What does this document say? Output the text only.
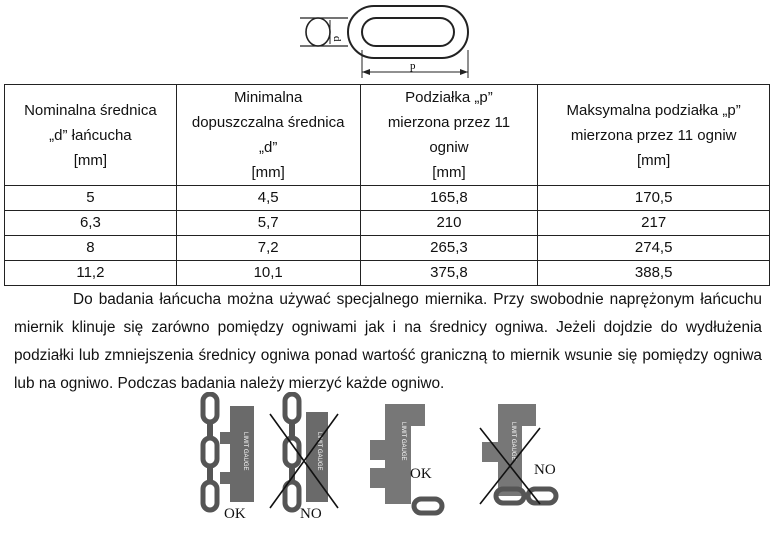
d
p
Nominalna średnica
„d” łańcucha
[mm]	Minimalna
dopuszczalna średnica
„d”
[mm]	Podziałka „p”
mierzona przez 11
ogniw
[mm]	Maksymalna podziałka „p”
mierzona przez 11 ogniw
[mm]
5	4,5	165,8	170,5
6,3	5,7	210	217
8	7,2	265,3	274,5
11,2	10,1	375,8	388,5

Do badania łańcucha można używać specjalnego miernika. Przy swobodnie naprężonym łańcuchu miernik klinuje się zarówno pomiędzy ogniwami jak i na średnicy ogniwa. Jeżeli dojdzie do wydłużenia podziałki lub zmniejszenia średnicy ogniwa ponad wartość graniczną to miernik wsunie się pomiędzy ogniwa lub na ogniwo. Podczas badania należy mierzyć każde ogniwo.

LIMIT GAUGE
OK
LIMIT GAUGE
NO
LIMIT GAUGE
OK
LIMIT GAUGE
NO
